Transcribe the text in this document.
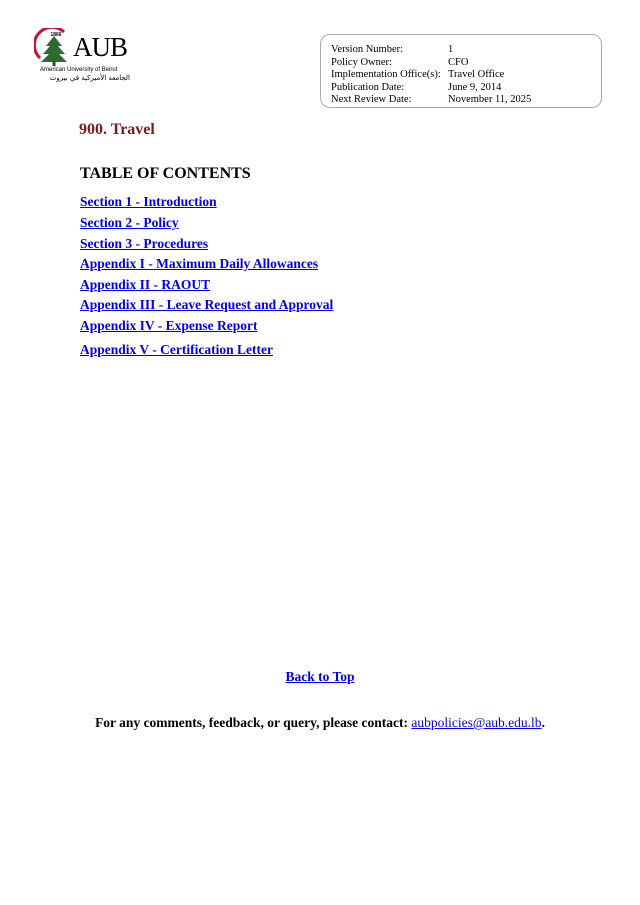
1866 AUB
American University of Beirut
الجامعة الأميركية في بيروت
Version Number:	1
Policy Owner:	CFO
Implementation Office(s): Travel Office
Publication Date:	June 9, 2014
Next Review Date:	November 11, 2025
900. Travel
TABLE OF CONTENTS
Section 1 - Introduction
Section 2 - Policy
Section 3 - Procedures
Appendix I - Maximum Daily Allowances
Appendix II - RAOUT
Appendix III - Leave Request and Approval
Appendix IV - Expense Report
Appendix V - Certification Letter
Back to Top
For any comments, feedback, or query, please contact: aubpolicies@aub.edu.lb.
